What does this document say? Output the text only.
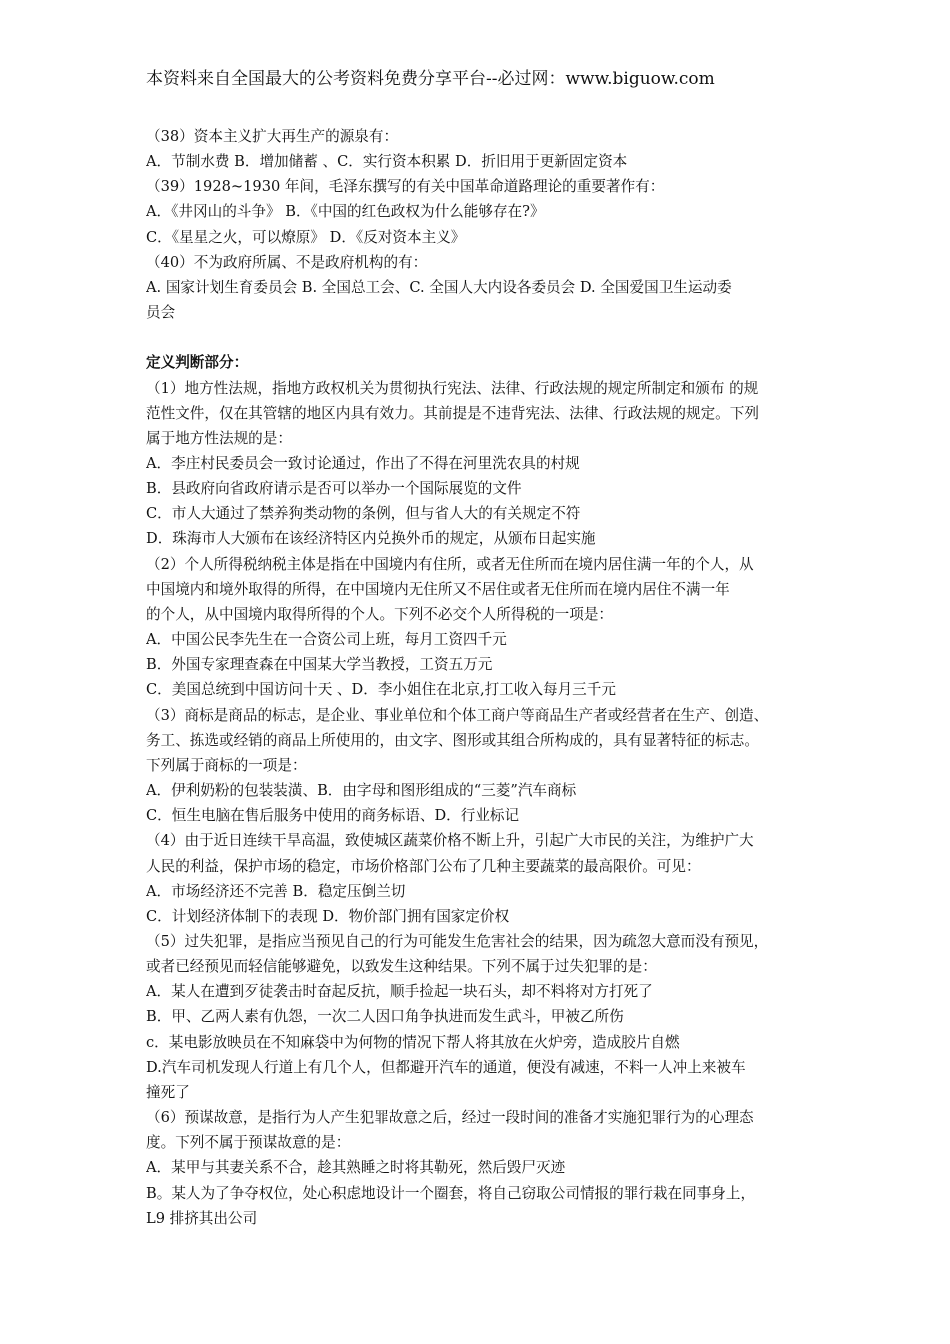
本资料来自全国最大的公考资料免费分享平台--必过网：www.biguow.com
（38）资本主义扩大再生产的源泉有：
A．节制水费 B．增加储蓄 、C．实行资本积累 D．折旧用于更新固定资本
（39）1928~1930 年间，毛泽东撰写的有关中国革命道路理论的重要著作有：
A．《井冈山的斗争》 B．《中国的红色政权为什么能够存在?》
C．《星星之火，可以燎原》 D．《反对资本主义》
（40）不为政府所属、不是政府机构的有：
A. 国家计划生育委员会 B. 全国总工会、C. 全国人大内设各委员会 D. 全国爱国卫生运动委
员会
定义判断部分：
（1）地方性法规，指地方政权机关为贯彻执行宪法、法律、行政法规的规定所制定和颁布 的规
范性文件，仅在其管辖的地区内具有效力。其前提是不违背宪法、法律、行政法规的规定。下列
属于地方性法规的是：
A．李庄村民委员会一致讨论通过，作出了不得在河里洗农具的村规
B．县政府向省政府请示是否可以举办一个国际展览的文件
C．市人大通过了禁养狗类动物的条例，但与省人大的有关规定不符
D．珠海市人大颁布在该经济特区内兑换外币的规定，从颁布日起实施
（2）个人所得税纳税主体是指在中国境内有住所，或者无住所而在境内居住满一年的个人，从
中国境内和境外取得的所得，在中国境内无住所又不居住或者无住所而在境内居住不满一年
的个人，从中国境内取得所得的个人。下列不必交个人所得税的一项是：
A．中国公民李先生在一合资公司上班，每月工资四千元
B．外国专家理查森在中国某大学当教授，工资五万元
C．美国总统到中国访问十天 、D．李小姐住在北京,打工收入每月三千元
（3）商标是商品的标志，是企业、事业单位和个体工商户等商品生产者或经营者在生产、创造、
务工、拣选或经销的商品上所使用的，由文字、图形或其组合所构成的，具有显著特征的标志。
下列属于商标的一项是：
A．伊利奶粉的包装装潢、B．由字母和图形组成的“三菱”汽车商标
C．恒生电脑在售后服务中使用的商务标语、D．行业标记
（4）由于近日连续干旱高温，致使城区蔬菜价格不断上升，引起广大市民的关注，为维护广大
人民的利益，保护市场的稳定，市场价格部门公布了几种主要蔬菜的最高限价。可见：
A．市场经济还不完善 B．稳定压倒兰切
C．计划经济体制下的表现 D．物价部门拥有国家定价权
（5）过失犯罪，是指应当预见自己的行为可能发生危害社会的结果，因为疏忽大意而没有预见，
或者已经预见而轻信能够避免，以致发生这种结果。下列不属于过失犯罪的是：
A．某人在遭到歹徒袭击时奋起反抗，顺手捡起一块石头，却不料将对方打死了
B．甲、乙两人素有仇怨，一次二人因口角争执进而发生武斗，甲被乙所伤
c．某电影放映员在不知麻袋中为何物的情况下帮人将其放在火炉旁，造成胶片自燃
D.汽车司机发现人行道上有几个人，但都避开汽车的通道，便没有减速，不料一人冲上来被车
撞死了
（6）预谋故意，是指行为人产生犯罪故意之后，经过一段时间的准备才实施犯罪行为的心理态
度。下列不属于预谋故意的是：
A．某甲与其妻关系不合，趁其熟睡之时将其勒死，然后毁尸灭迹
B。某人为了争夺权位，处心积虑地设计一个圈套，将自己窃取公司情报的罪行栽在同事身上，
L9 排挤其出公司
